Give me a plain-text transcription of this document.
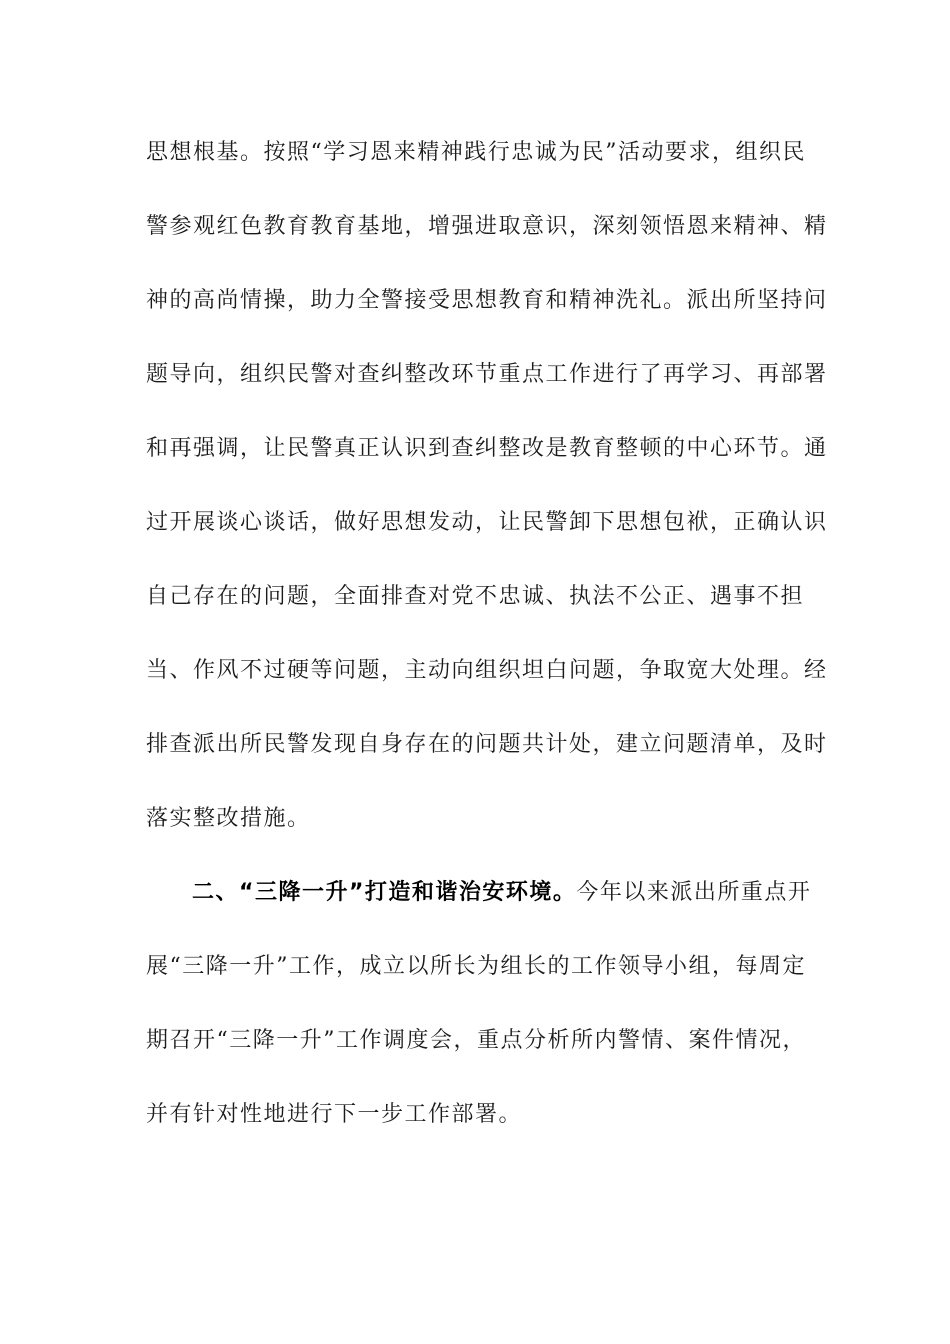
思想根基。按照“学习恩来精神践行忠诚为民”活动要求，组织民
警参观红色教育教育基地，增强进取意识，深刻领悟恩来精神、精
神的高尚情操，助力全警接受思想教育和精神洗礼。派出所坚持问
题导向，组织民警对查纠整改环节重点工作进行了再学习、再部署
和再强调，让民警真正认识到查纠整改是教育整顿的中心环节。通
过开展谈心谈话，做好思想发动，让民警卸下思想包袱，正确认识
自己存在的问题，全面排查对党不忠诚、执法不公正、遇事不担
当、作风不过硬等问题，主动向组织坦白问题，争取宽大处理。经
排查派出所民警发现自身存在的问题共计处，建立问题清单，及时
落实整改措施。
二、“三降一升”打造和谐治安环境。今年以来派出所重点开
展“三降一升”工作，成立以所长为组长的工作领导小组，每周定
期召开“三降一升”工作调度会，重点分析所内警情、案件情况，
并有针对性地进行下一步工作部署。
